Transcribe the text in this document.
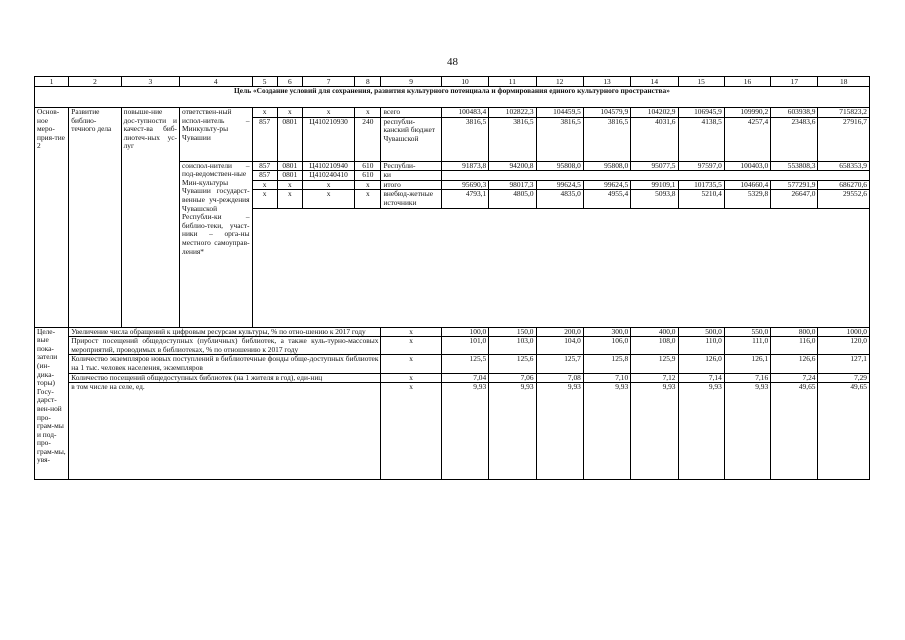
48
1	2	3	4	5	6	7	8	9	10	11	12	13	14	15	16	17	18
Цель «Создание условий для сохранения, развития культурного потенциала и формирования единого культурного пространства»																	
Основ-ное меро-прия-тие 2	Развитие библио-течного дела	повыше-ние дос-тупности и качест-ва биб-лиотеч-ных ус-луг	ответствен-ный испол-нитель – Минкульту-ры Чувашии	х	х	х	х	всего	100483,4	102822,3	104459,5	104579,9	104202,9	106945,9	109990,2	603938,9	715823,2
				857	0801	Ц410210930	240	республи-канский бюджет Чувашской	3816,5	3816,5	3816,5	3816,5	4031,6	4138,5	4257,4	23483,6	27916,7
			соиспол-нители – под-ведомствен-ные Мин-культуры Чувашии государст-венные уч-реждения Чувашской Республи-ки – библио-теки, участ-ники – орга-ны местного самоуправ-ления*	857	0801	Ц410210940	610	Республи-	91873,8	94200,8	95808,0	95808,0	95077,5	97597,0	100403,0	553808,3	658353,9
				857	0801	Ц410240410	610	ки									
				х	х	х	х	итого	95690,3	98017,3	99624,5	99624,5	99109,1	101735,5	104660,4	577291,9	686270,6
				х	х	х	х	внебюд-жетные источники	4793,1	4805,0	4835,0	4955,4	5093,8	5210,4	5329,8	26647,0	29552,6

Целе-вые пока-затели (ин-дика-торы) Госу-дарст-вен-ной про-грам-мы и под-про-грам-мы, увя-	Увеличение числа обращений к цифровым ресурсам культуры, % по отно-шению к 2017 году							х	100,0	150,0	200,0	300,0	400,0	500,0	550,0	800,0	1000,0
	Прирост посещений общедоступных (публичных) библиотек, а также куль-турно-массовых мероприятий, проводимых в библиотеках, % по отношению к 2017 году							х	101,0	103,0	104,0	106,0	108,0	110,0	111,0	116,0	120,0
	Количество экземпляров новых поступлений в библиотечные фонды обще-доступных библиотек на 1 тыс. человек населения, экземпляров							х	125,5	125,6	125,7	125,8	125,9	126,0	126,1	126,6	127,1
	Количество посещений общедоступных библиотек (на 1 жителя в год), еди-ниц							х	7,04	7,06	7,08	7,10	7,12	7,14	7,16	7,24	7,29
	в том числе на селе, ед.							х	9,93	9,93	9,93	9,93	9,93	9,93	9,93	49,65	49,65
